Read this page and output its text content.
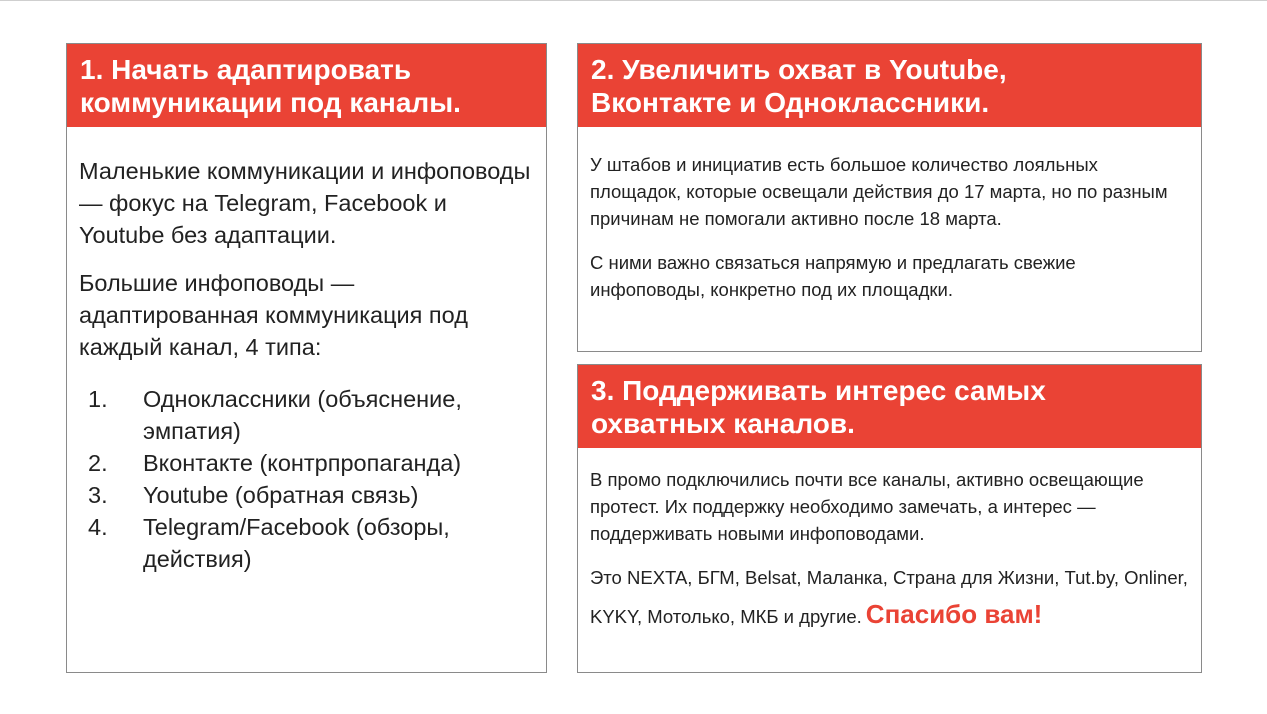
1. Начать адаптировать
коммуникации под каналы.

Маленькие коммуникации и инфоповоды — фокус на Telegram, Facebook и Youtube без адаптации.

Большие инфоповоды — адаптированная коммуникация под каждый канал, 4 типа:

1. Одноклассники (объяснение, эмпатия)
2. Вконтакте (контрпропаганда)
3. Youtube (обратная связь)
4. Telegram/Facebook (обзоры, действия)
2. Увеличить охват в Youtube,
Вконтакте и Одноклассники.

У штабов и инициатив есть большое количество лояльных площадок, которые освещали действия до 17 марта, но по разным причинам не помогали активно после 18 марта.

С ними важно связаться напрямую и предлагать свежие инфоповоды, конкретно под их площадки.

3. Поддерживать интерес самых
охватных каналов.

В промо подключились почти все каналы, активно освещающие протест. Их поддержку необходимо замечать, а интерес — поддерживать новыми инфоповодами.

Это NEXTA, БГМ, Belsat, Маланка, Страна для Жизни, Tut.by, Onliner, KYKY, Мотолько, МКБ и другие. Спасибо вам!
